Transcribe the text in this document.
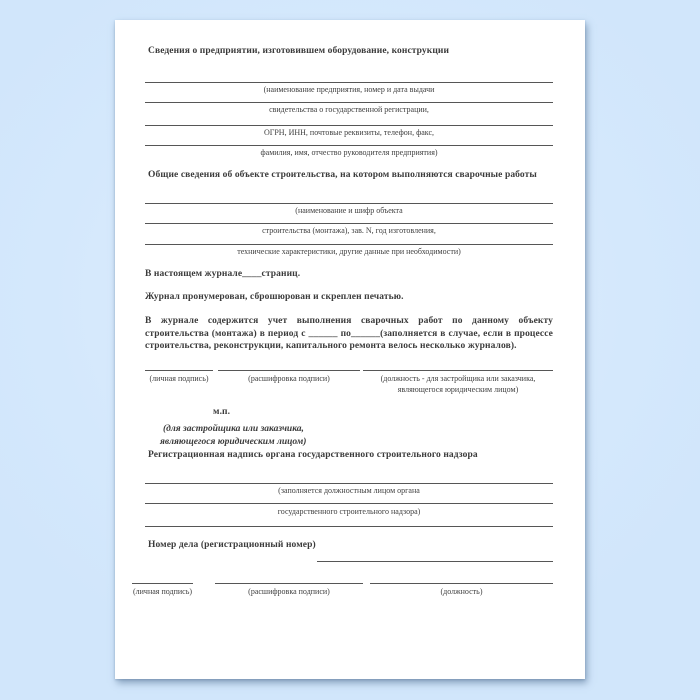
Сведения о предприятии, изготовившем оборудование, конструкции
(наименование предприятия, номер и дата выдачи
свидетельства о государственной регистрации,
ОГРН, ИНН, почтовые реквизиты, телефон, факс,
фамилия, имя, отчество руководителя предприятия)
Общие сведения об объекте строительства, на котором выполняются сварочные работы
(наименование и шифр объекта
строительства (монтажа), зав. N, год изготовления,
технические характеристики, другие данные при необходимости)
В настоящем журнале____страниц.
Журнал пронумерован, сброшюрован и скреплен печатью.
В журнале содержится учет выполнения сварочных работ по данному объекту строительства (монтажа) в период с ______ по______(заполняется в случае, если в процессе строительства, реконструкции, капитального ремонта велось несколько журналов).
(личная подпись)	(расшифровка подписи)	(должность - для застройщика или заказчика, являющегося юридическим лицом)
м.п.
(для застройщика или заказчика,
являющегося юридическим лицом)
Регистрационная надпись органа государственного строительного надзора
(заполняется должностным лицом органа
государственного строительного надзора)
Номер дела (регистрационный номер)
(личная подпись)	(расшифровка подписи)	(должность)
